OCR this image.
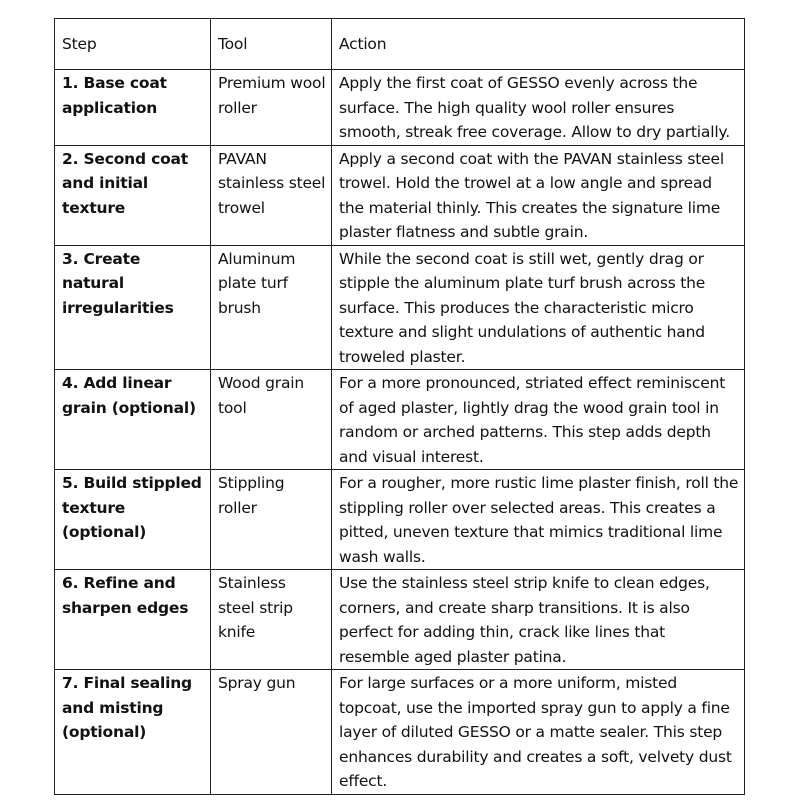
Step	Tool	Action
1. Base coat application	Premium wool roller	Apply the first coat of GESSO evenly across the surface. The high quality wool roller ensures smooth, streak free coverage. Allow to dry partially.
2. Second coat and initial texture	PAVAN stainless steel trowel	Apply a second coat with the PAVAN stainless steel trowel. Hold the trowel at a low angle and spread the material thinly. This creates the signature lime plaster flatness and subtle grain.
3. Create natural irregularities	Aluminum plate turf brush	While the second coat is still wet, gently drag or stipple the aluminum plate turf brush across the surface. This produces the characteristic micro texture and slight undulations of authentic hand troweled plaster.
4. Add linear grain (optional)	Wood grain tool	For a more pronounced, striated effect reminiscent of aged plaster, lightly drag the wood grain tool in random or arched patterns. This step adds depth and visual interest.
5. Build stippled texture (optional)	Stippling roller	For a rougher, more rustic lime plaster finish, roll the stippling roller over selected areas. This creates a pitted, uneven texture that mimics traditional lime wash walls.
6. Refine and sharpen edges	Stainless steel strip knife	Use the stainless steel strip knife to clean edges, corners, and create sharp transitions. It is also perfect for adding thin, crack like lines that resemble aged plaster patina.
7. Final sealing and misting (optional)	Spray gun	For large surfaces or a more uniform, misted topcoat, use the imported spray gun to apply a fine layer of diluted GESSO or a matte sealer. This step enhances durability and creates a soft, velvety dust effect.
